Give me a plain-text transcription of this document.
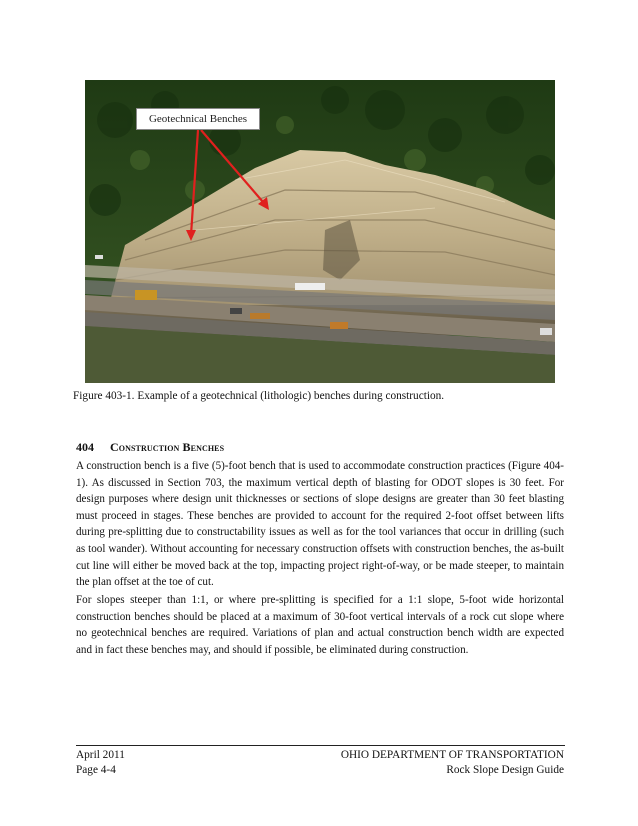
Geotechnical Benches
Figure 403-1. Example of a geotechnical (lithologic) benches during construction.
404 Construction Benches

A construction bench is a five (5)-foot bench that is used to accommodate construction practices (Figure 404-1). As discussed in Section 703, the maximum vertical depth of blasting for ODOT slopes is 30 feet. For design purposes where design unit thicknesses or sections of slope designs are greater than 30 feet blasting must proceed in stages. These benches are provided to account for the required 2-foot offset between lifts during pre-splitting due to constructability issues as well as for the tool variances that occur in drilling (such as tool wander). Without accounting for necessary construction offsets with construction benches, the as-built cut line will either be moved back at the top, impacting project right-of-way, or be made steeper, to maintain the plan offset at the toe of cut.

For slopes steeper than 1:1, or where pre-splitting is specified for a 1:1 slope, 5-foot wide horizontal construction benches should be placed at a maximum of 30-foot vertical intervals of a rock cut slope where no geotechnical benches are required. Variations of plan and actual construction bench width are expected and in fact these benches may, and should if possible, be eliminated during construction.

April 2011
Page 4-4
OHIO DEPARTMENT OF TRANSPORTATION
Rock Slope Design Guide
